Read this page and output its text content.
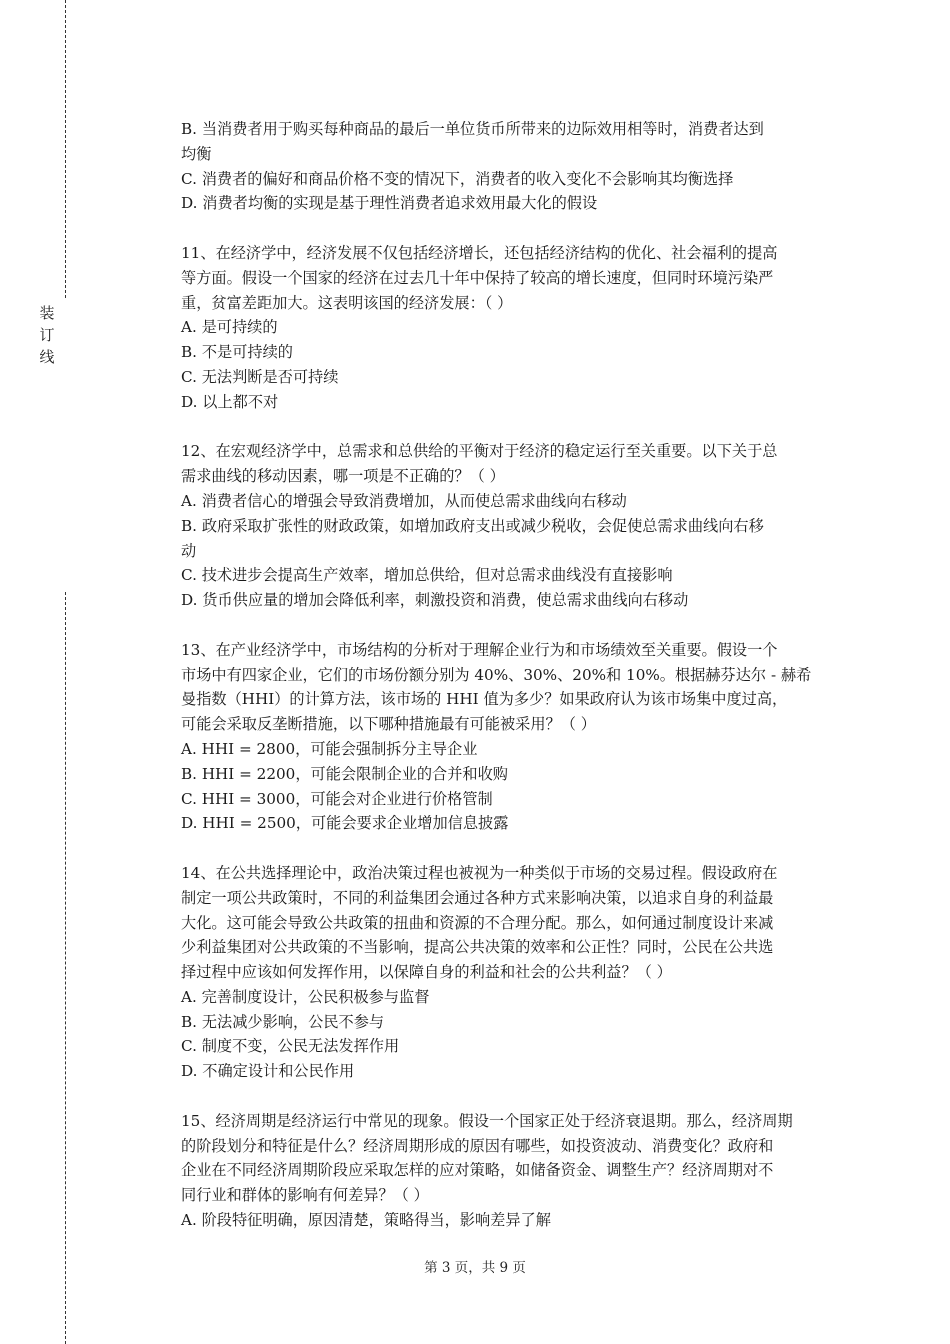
装
订
线
B. 当消费者用于购买每种商品的最后一单位货币所带来的边际效用相等时，消费者达到
均衡
C. 消费者的偏好和商品价格不变的情况下，消费者的收入变化不会影响其均衡选择
D. 消费者均衡的实现是基于理性消费者追求效用最大化的假设
11、在经济学中，经济发展不仅包括经济增长，还包括经济结构的优化、社会福利的提高
等方面。假设一个国家的经济在过去几十年中保持了较高的增长速度，但同时环境污染严
重，贫富差距加大。这表明该国的经济发展：（ ）
A. 是可持续的
B. 不是可持续的
C. 无法判断是否可持续
D. 以上都不对
12、在宏观经济学中，总需求和总供给的平衡对于经济的稳定运行至关重要。以下关于总
需求曲线的移动因素，哪一项是不正确的？（ ）
A. 消费者信心的增强会导致消费增加，从而使总需求曲线向右移动
B. 政府采取扩张性的财政政策，如增加政府支出或减少税收，会促使总需求曲线向右移
动
C. 技术进步会提高生产效率，增加总供给，但对总需求曲线没有直接影响
D. 货币供应量的增加会降低利率，刺激投资和消费，使总需求曲线向右移动
13、在产业经济学中，市场结构的分析对于理解企业行为和市场绩效至关重要。假设一个
市场中有四家企业，它们的市场份额分别为 40%、30%、20%和 10%。根据赫芬达尔 - 赫希
曼指数（HHI）的计算方法，该市场的 HHI 值为多少？如果政府认为该市场集中度过高，
可能会采取反垄断措施，以下哪种措施最有可能被采用？（ ）
A. HHI = 2800，可能会强制拆分主导企业
B. HHI = 2200，可能会限制企业的合并和收购
C. HHI = 3000，可能会对企业进行价格管制
D. HHI = 2500，可能会要求企业增加信息披露
14、在公共选择理论中，政治决策过程也被视为一种类似于市场的交易过程。假设政府在
制定一项公共政策时，不同的利益集团会通过各种方式来影响决策，以追求自身的利益最
大化。这可能会导致公共政策的扭曲和资源的不合理分配。那么，如何通过制度设计来减
少利益集团对公共政策的不当影响，提高公共决策的效率和公正性？同时，公民在公共选
择过程中应该如何发挥作用，以保障自身的利益和社会的公共利益？（ ）
A. 完善制度设计，公民积极参与监督
B. 无法减少影响，公民不参与
C. 制度不变，公民无法发挥作用
D. 不确定设计和公民作用
15、经济周期是经济运行中常见的现象。假设一个国家正处于经济衰退期。那么，经济周期
的阶段划分和特征是什么？经济周期形成的原因有哪些，如投资波动、消费变化？政府和
企业在不同经济周期阶段应采取怎样的应对策略，如储备资金、调整生产？经济周期对不
同行业和群体的影响有何差异？（ ）
A. 阶段特征明确，原因清楚，策略得当，影响差异了解
第 3 页，共 9 页
